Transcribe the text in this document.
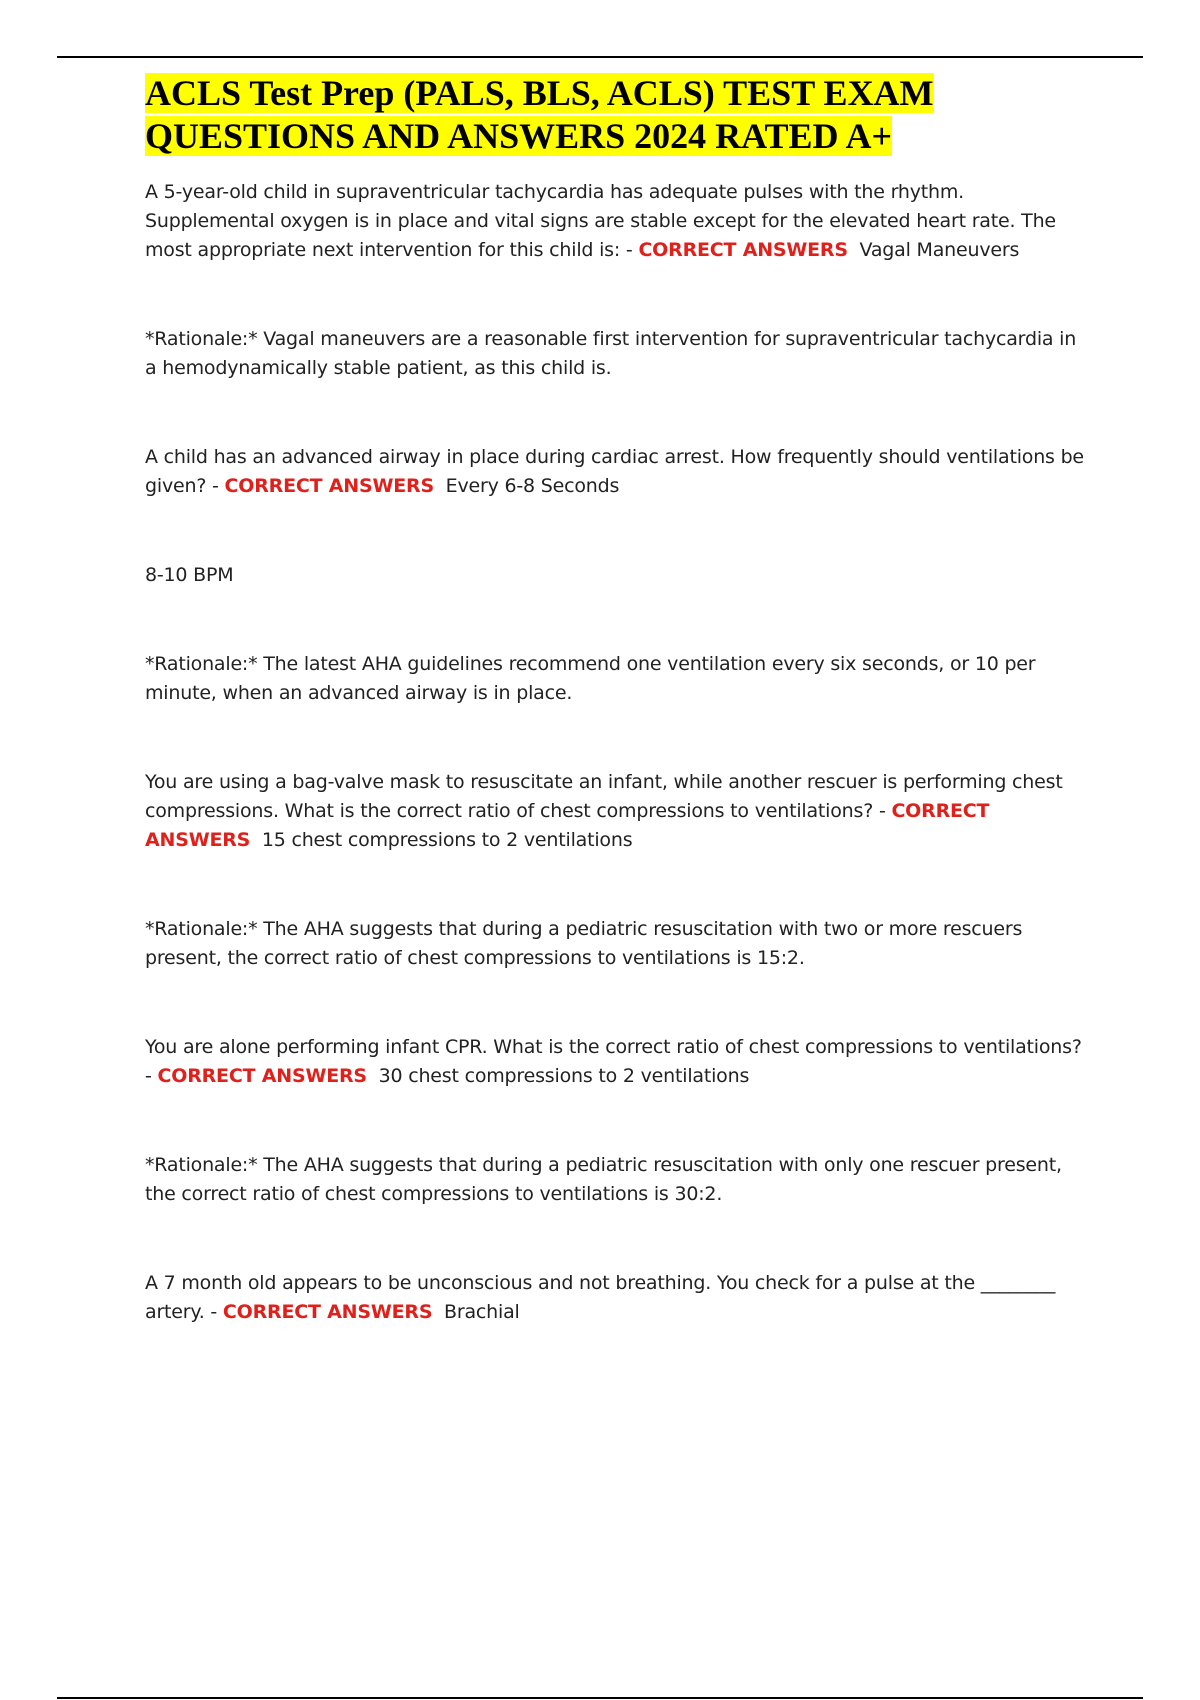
ACLS Test Prep (PALS, BLS, ACLS) TEST EXAM
QUESTIONS AND ANSWERS 2024 RATED A+

A 5-year-old child in supraventricular tachycardia has adequate pulses with the rhythm. Supplemental oxygen is in place and vital signs are stable except for the elevated heart rate. The most appropriate next intervention for this child is: - CORRECT ANSWERS Vagal Maneuvers

*Rationale:* Vagal maneuvers are a reasonable first intervention for supraventricular tachycardia in a hemodynamically stable patient, as this child is.

A child has an advanced airway in place during cardiac arrest. How frequently should ventilations be given? - CORRECT ANSWERS Every 6-8 Seconds

8-10 BPM

*Rationale:* The latest AHA guidelines recommend one ventilation every six seconds, or 10 per minute, when an advanced airway is in place.

You are using a bag-valve mask to resuscitate an infant, while another rescuer is performing chest compressions. What is the correct ratio of chest compressions to ventilations? - CORRECT ANSWERS 15 chest compressions to 2 ventilations

*Rationale:* The AHA suggests that during a pediatric resuscitation with two or more rescuers present, the correct ratio of chest compressions to ventilations is 15:2.

You are alone performing infant CPR. What is the correct ratio of chest compressions to ventilations? - CORRECT ANSWERS 30 chest compressions to 2 ventilations

*Rationale:* The AHA suggests that during a pediatric resuscitation with only one rescuer present, the correct ratio of chest compressions to ventilations is 30:2.

A 7 month old appears to be unconscious and not breathing. You check for a pulse at the ________ artery. - CORRECT ANSWERS Brachial
